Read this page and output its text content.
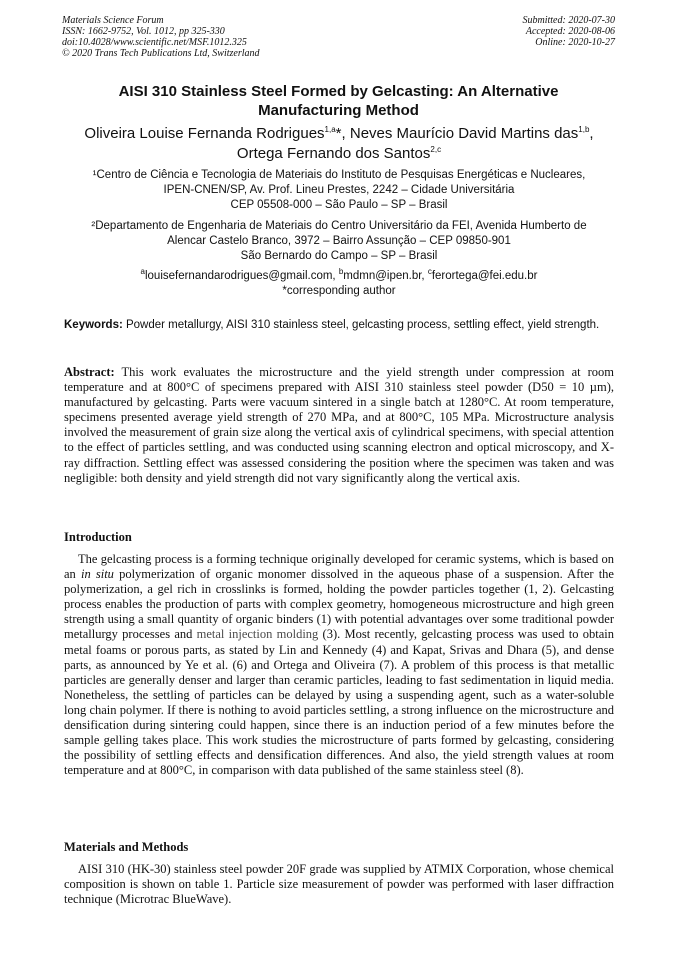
Materials Science Forum
ISSN: 1662-9752, Vol. 1012, pp 325-330
doi:10.4028/www.scientific.net/MSF.1012.325
© 2020 Trans Tech Publications Ltd, Switzerland
Submitted: 2020-07-30
Accepted: 2020-08-06
Online: 2020-10-27
AISI 310 Stainless Steel Formed by Gelcasting: An Alternative
Manufacturing Method
Oliveira Louise Fernanda Rodrigues$^{1,a}$*, Neves Maurício David Martins das$^{1,b}$,
Ortega Fernando dos Santos$^{2,c}$
¹Centro de Ciência e Tecnologia de Materiais do Instituto de Pesquisas Energéticas e Nucleares,
IPEN-CNEN/SP, Av. Prof. Lineu Prestes, 2242 – Cidade Universitária
CEP 05508-000 – São Paulo – SP – Brasil
²Departamento de Engenharia de Materiais do Centro Universitário da FEI, Avenida Humberto de
Alencar Castelo Branco, 3972 – Bairro Assunção – CEP 09850-901
São Bernardo do Campo – SP – Brasil
$^a$louisefernandarodrigues@gmail.com, $^b$mdmn@ipen.br, $^c$ferortega@fei.edu.br
*corresponding author
Keywords: Powder metallurgy, AISI 310 stainless steel, gelcasting process, settling effect, yield strength.
Abstract: This work evaluates the microstructure and the yield strength under compression at room temperature and at 800°C of specimens prepared with AISI 310 stainless steel powder (D50 = 10 µm), manufactured by gelcasting. Parts were vacuum sintered in a single batch at 1280°C. At room temperature, specimens presented average yield strength of 270 MPa, and at 800°C, 105 MPa. Microstructure analysis involved the measurement of grain size along the vertical axis of cylindrical specimens, with special attention to the effect of particles settling, and was conducted using scanning electron and optical microscopy, and X-ray diffraction. Settling effect was assessed considering the position where the specimen was taken and was negligible: both density and yield strength did not vary significantly along the vertical axis.
Introduction
The gelcasting process is a forming technique originally developed for ceramic systems, which is based on an in situ polymerization of organic monomer dissolved in the aqueous phase of a suspension. After the polymerization, a gel rich in crosslinks is formed, holding the powder particles together (1, 2). Gelcasting process enables the production of parts with complex geometry, homogeneous microstructure and high green strength using a small quantity of organic binders (1) with potential advantages over some traditional powder metallurgy processes and metal injection molding (3). Most recently, gelcasting process was used to obtain metal foams or porous parts, as stated by Lin and Kennedy (4) and Kapat, Srivas and Dhara (5), and dense parts, as announced by Ye et al. (6) and Ortega and Oliveira (7). A problem of this process is that metallic particles are generally denser and larger than ceramic particles, leading to fast sedimentation in liquid media. Nonetheless, the settling of particles can be delayed by using a suspending agent, such as a water-soluble long chain polymer. If there is nothing to avoid particles settling, a strong influence on the microstructure and densification during sintering could happen, since there is an induction period of a few minutes before the sample gelling takes place. This work studies the microstructure of parts formed by gelcasting, considering the possibility of settling effects and densification differences. And also, the yield strength values at room temperature and at 800°C, in comparison with data published of the same stainless steel (8).
Materials and Methods
AISI 310 (HK-30) stainless steel powder 20F grade was supplied by ATMIX Corporation, whose chemical composition is shown on table 1. Particle size measurement of powder was performed with laser diffraction technique (Microtrac BlueWave).
